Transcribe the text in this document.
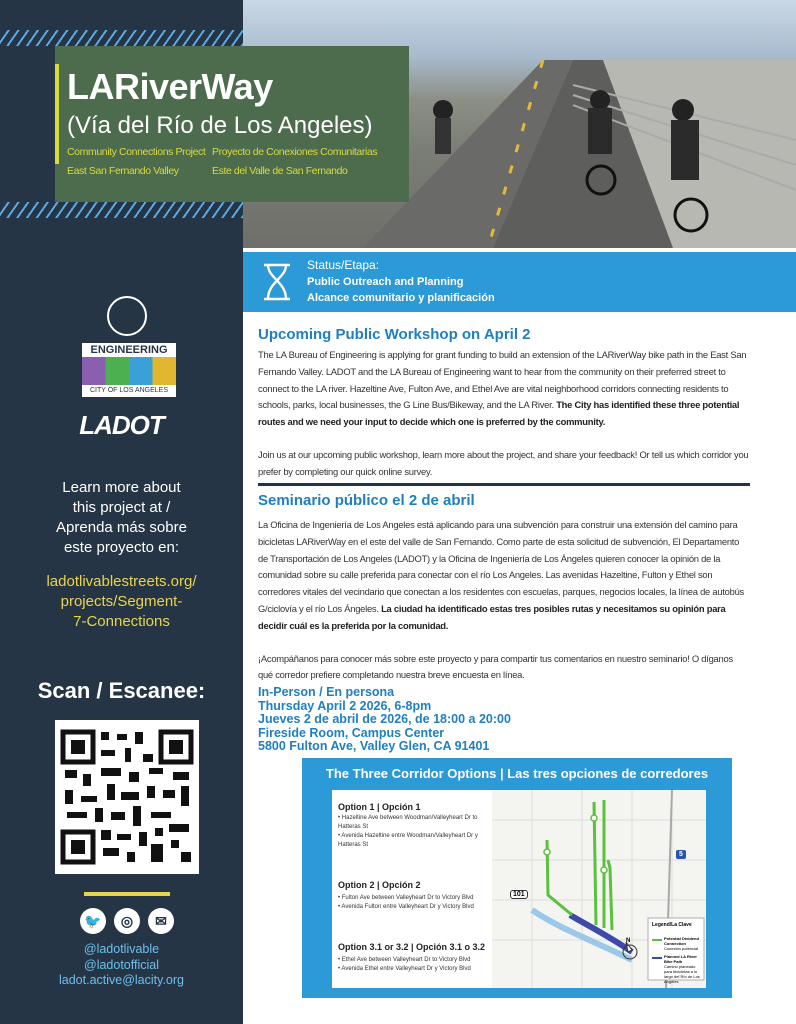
LARiverWay
(Vía del Río de Los Angeles)
Community Connections Project Proyecto de Conexiones Comunitarias
East San Fernando Valley	Este del Valle de San Fernando
Status/Etapa:
Public Outreach and Planning
Alcance comunitario y planificación
ENGINEERING
CITY OF LOS ANGELES
LADOT
Learn more about
this project at /
Aprenda más sobre
este proyecto en:
ladotlivablestreets.org/
projects/Segment-
7-Connections
Scan / Escanee:
🐦	◎	✉
@ladotlivable
@ladotofficial
ladot.active@lacity.org
Upcoming Public Workshop on April 2
The LA Bureau of Engineering is applying for grant funding to build an extension of the LARiverWay bike path in the East San Fernando Valley. LADOT and the LA Bureau of Engineering want to hear from the community on their preferred street to connect to the LA river. Hazeltine Ave, Fulton Ave, and Ethel Ave are vital neighborhood corridors connecting residents to schools, parks, local businesses, the G Line Bus/Bikeway, and the LA River. The City has identified these three potential routes and we need your input to decide which one is preferred by the community.
Join us at our upcoming public workshop, learn more about the project, and share your feedback! Or tell us which corridor you prefer by completing our quick online survey.
Seminario público el 2 de abril
La Oficina de Ingeniería de Los Angeles está aplicando para una subvención para construir una extensión del camino para bicicletas LARiverWay en el este del valle de San Fernando. Como parte de esta solicitud de subvención, El Departamento de Transportación de Los Angeles (LADOT) y la Oficina de Ingeniería de Los Ángeles quieren conocer la opinión de la comunidad sobre su calle preferida para conectar con el río Los Angeles. Las avenidas Hazeltine, Fulton y Ethel son corredores vitales del vecindario que conectan a los residentes con escuelas, parques, negocios locales, la línea de autobús G/ciclovía y el río Los Ángeles. La ciudad ha identificado estas tres posibles rutas y necesitamos su opinión para decidir cuál es la preferida por la comunidad.
¡Acompáñanos para conocer más sobre este proyecto y para compartir tus comentarios en nuestro seminario! O díganos qué corredor prefiere completando nuestra breve encuesta en línea.
In-Person / En persona
Thursday April 2 2026, 6-8pm
Jueves 2 de abril de 2026, de 18:00 a 20:00
Fireside Room, Campus Center
5800 Fulton Ave, Valley Glen, CA 91401
The Three Corridor Options | Las tres opciones de corredores
Option 1 | Opción 1
• Hazeltine Ave between Woodman/Valleyheart Dr to Hatteras St
• Avenida Hazeltine entre Woodman/Valleyheart Dr y Hatteras St
Option 2 | Opción 2
• Fulton Ave between Valleyheart Dr to Victory Blvd
• Avenida Fulton entre Valleyheart Dr y Victory Blvd
Option 3.1 or 3.2 | Opción 3.1 o 3.2
• Ethel Ave between Valleyheart Dr to Victory Blvd
• Avenida Ethel entre Valleyheart Dr y Victory Blvd
101
5
N
Legend/La Clave
Potential Dividend Connection
Conexión potencial
Planned LA River Bike Path
Camino planeado para bicicletas a lo largo del Río de Los Angeles
